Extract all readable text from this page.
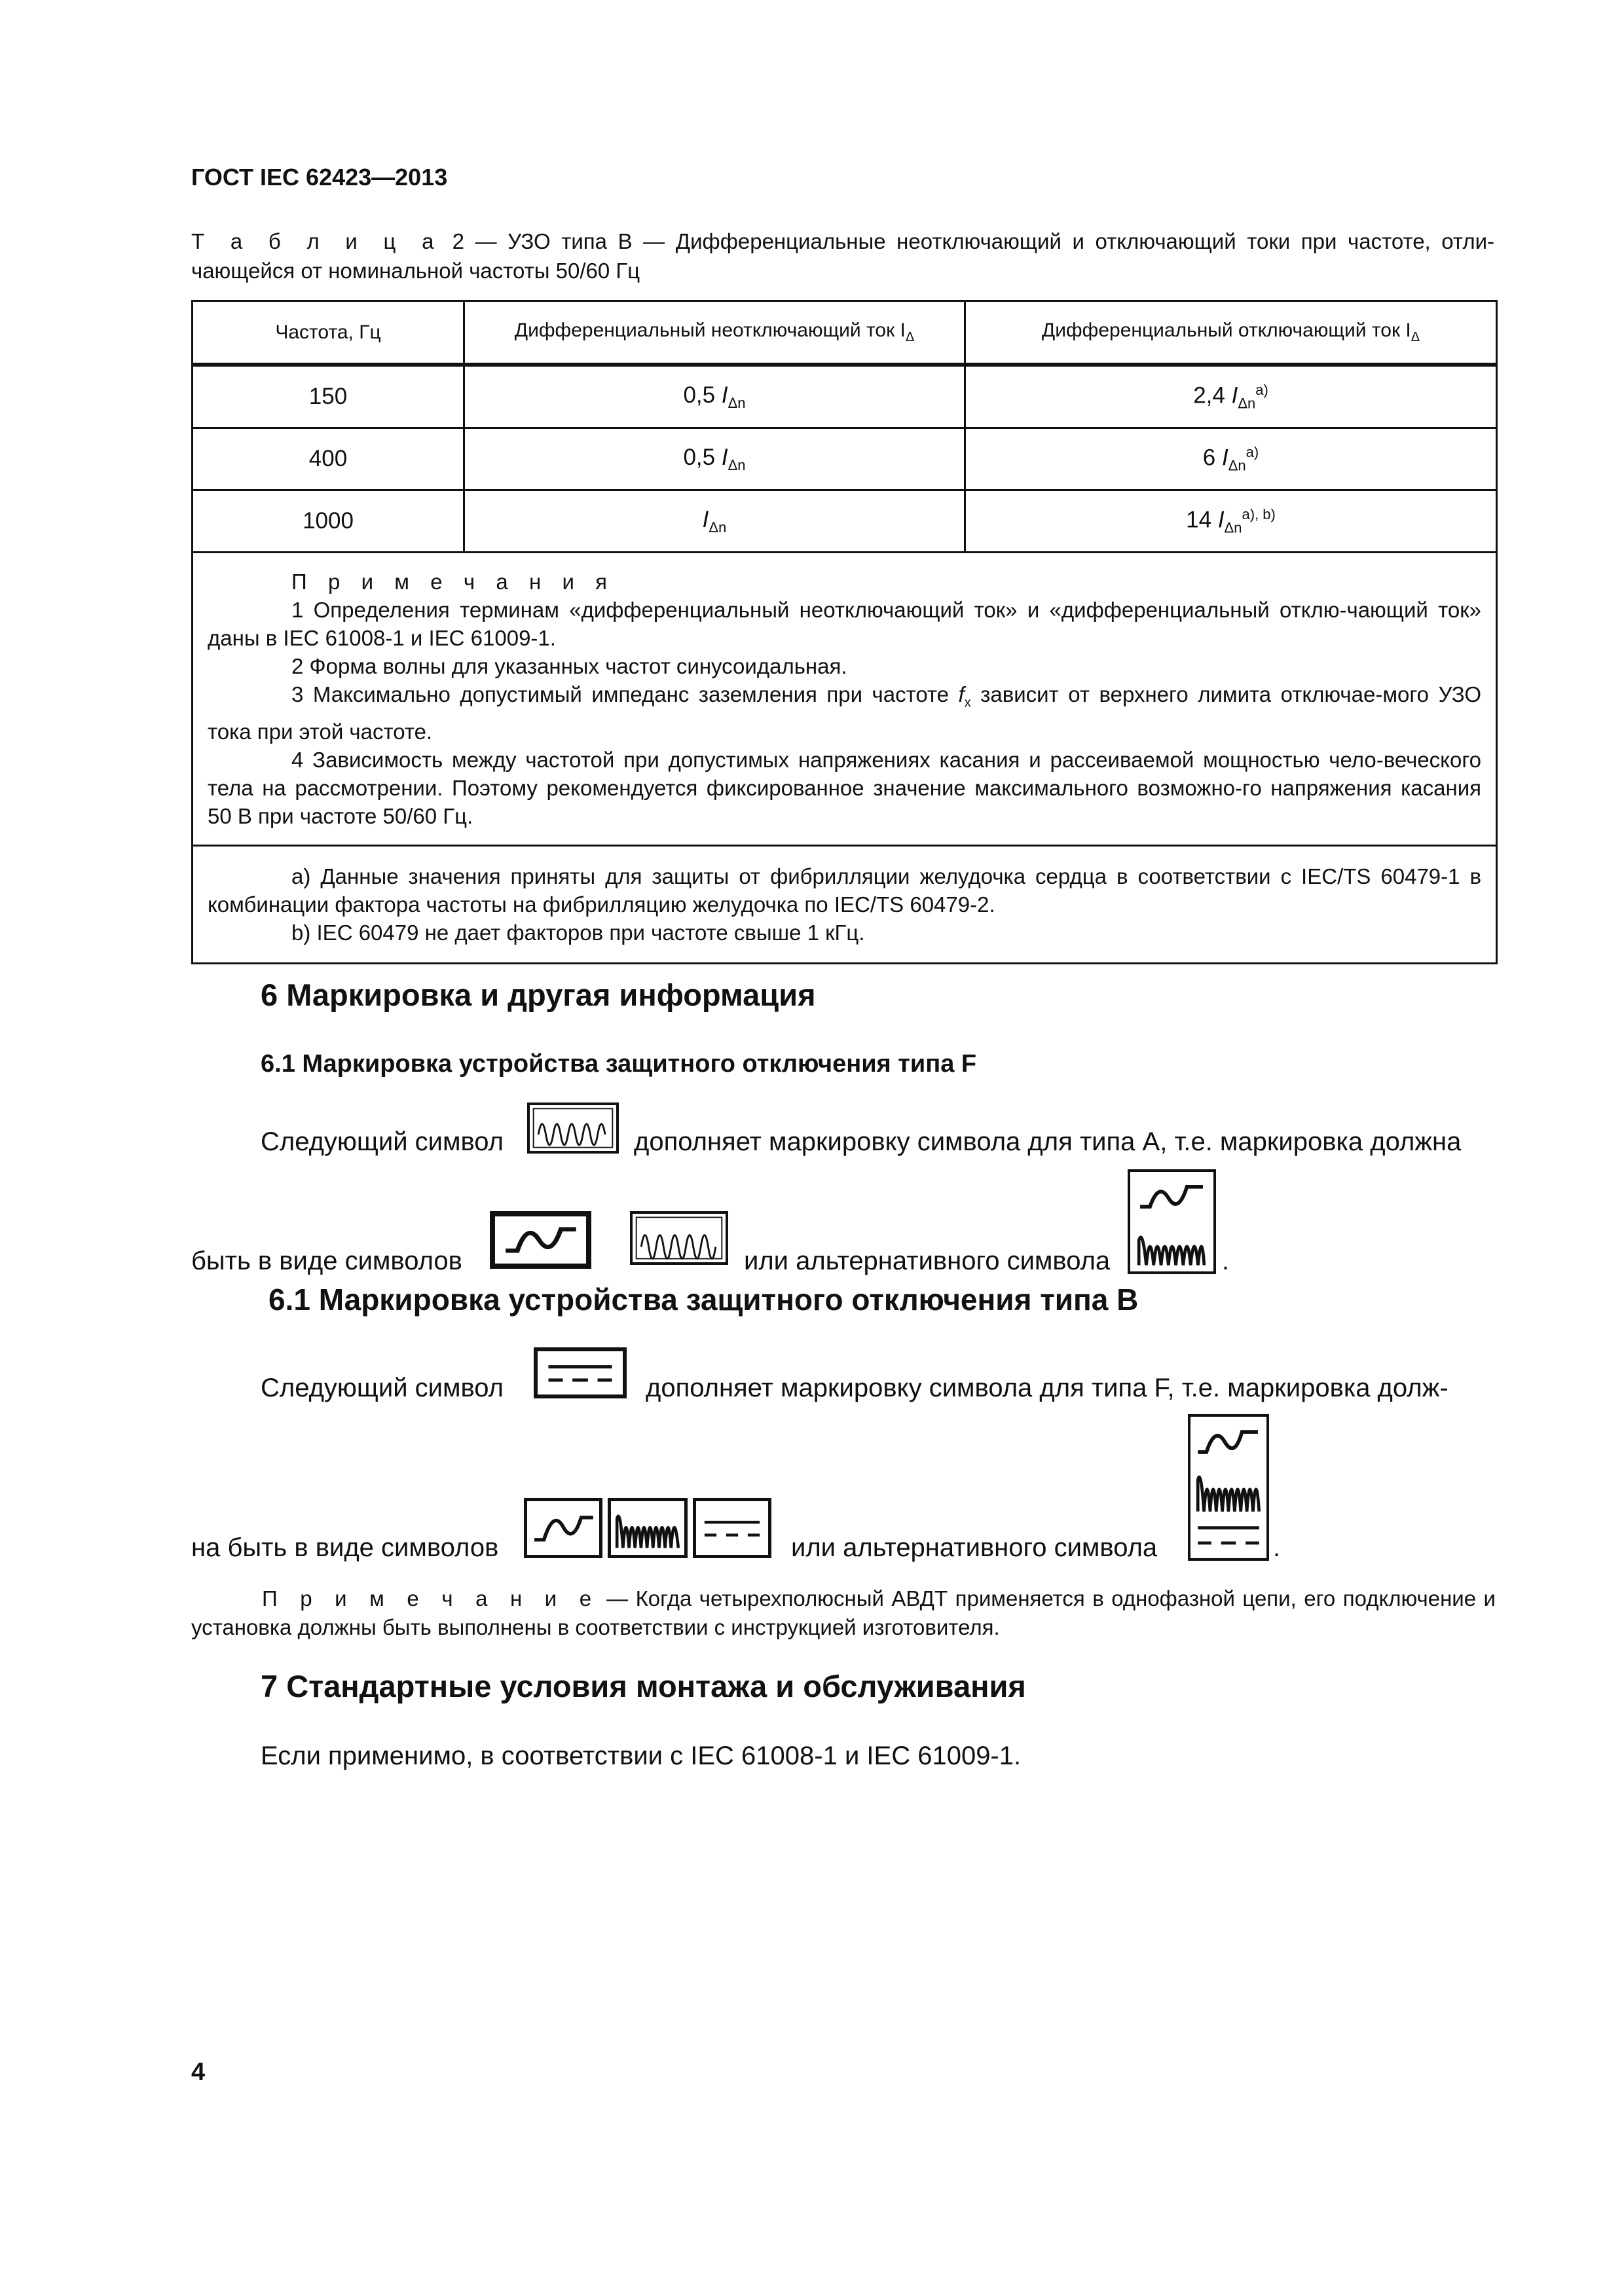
ГОСТ IEC 62423—2013
Т а б л и ц а 2 — УЗО типа В — Дифференциальные неотключающий и отключающий токи при частоте, отли-
чающейся от номинальной частоты 50/60 Гц
Частота, Гц	Дифференциальный неотключающий ток $I_\Delta$	Дифференциальный отключающий ток $I_\Delta$
150	0,5 $I_{\Delta n}$	2,4 $I_{\Delta n}^{a)}$
400	0,5 $I_{\Delta n}$	6 $I_{\Delta n}^{a)}$
1000	$I_{\Delta n}$	14 $I_{\Delta n}^{a), b)}$

П р и м е ч а н и я

1 Определения терминам «дифференциальный неотключающий ток» и «дифференциальный отклю-чающий ток» даны в IEC 61008-1 и IEC 61009-1.

2 Форма волны для указанных частот синусоидальная.

3 Максимально допустимый импеданс заземления при частоте $f_x$ зависит от верхнего лимита отключае-мого УЗО тока при этой частоте.

4 Зависимость между частотой при допустимых напряжениях касания и рассеиваемой мощностью чело-веческого тела на рассмотрении. Поэтому рекомендуется фиксированное значение максимального возможно-го напряжения касания 50 В при частоте 50/60 Гц.		

a) Данные значения приняты для защиты от фибрилляции желудочка сердца в соответствии с IEC/TS 60479-1 в комбинации фактора частоты на фибрилляцию желудочка по IEC/TS 60479-2.

b) IEC 60479 не дает факторов при частоте свыше 1 кГц.		

6 Маркировка и другая информация
6.1 Маркировка устройства защитного отключения типа F
Следующий символ	дополняет маркировку символа для типа A, т.е. маркировка должна
быть в виде символов	или альтернативного символа	.
6.1 Маркировка устройства защитного отключения типа B
Следующий символ	дополняет маркировку символа для типа F, т.е. маркировка долж-
на быть в виде символов	или альтернативного символа	.
П р и м е ч а н и е — Когда четырехполюсный АВДТ применяется в однофазной цепи, его подключение и
установка должны быть выполнены в соответствии с инструкцией изготовителя.
7 Стандартные условия монтажа и обслуживания
Если применимо, в соответствии с IEC 61008-1 и IEC 61009-1.
4
